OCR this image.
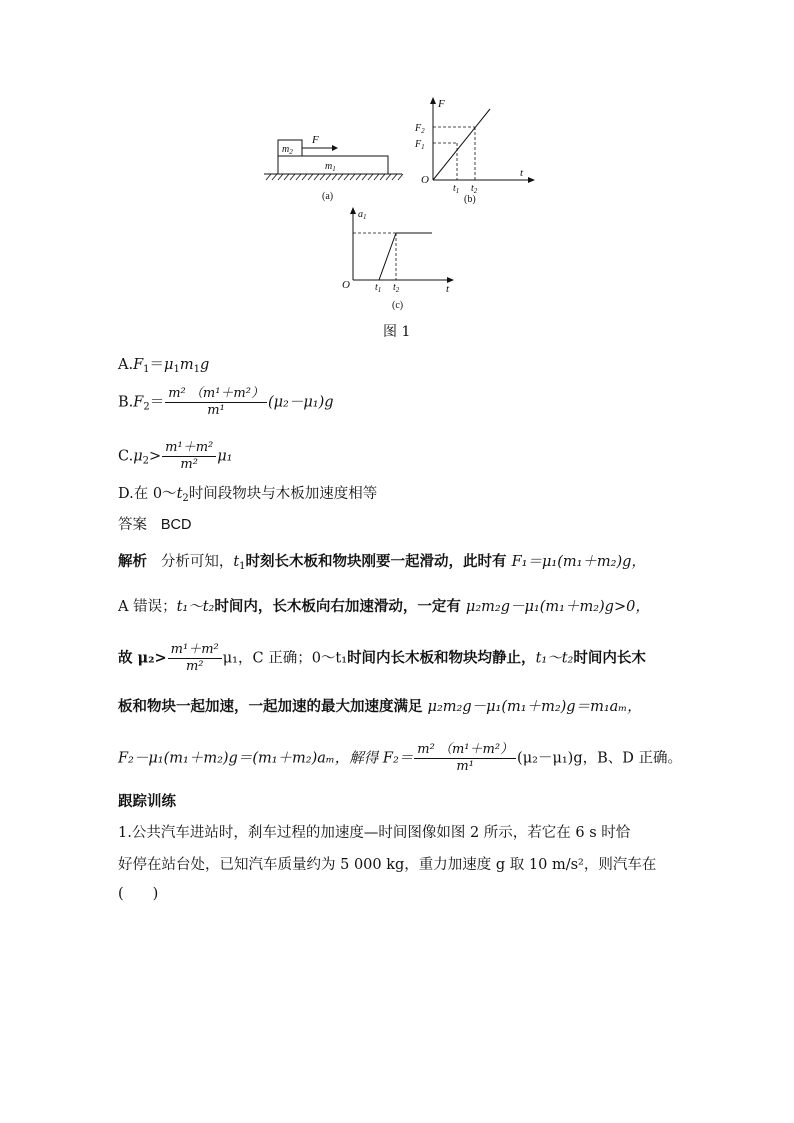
$m_2$
$m_1$
F
(a)
F
t
O
$F_2$
$F_1$
$t_1$ $t_2$
(b)
$a_1$
t
O	$t_1$ $t_2$
(c)
图 1
$A.F_1=\mu_1m_1g$
$B.F_2= \frac{\text{m² （m¹＋m²）}}{\text{m¹}} (\mu_2-\mu_1)g$
$C.\mu_2> \frac{\text{m¹＋m²}}{\text{m²}} \mu_1$
D.在 $0\sim t_2$时间段物块与木板加速度相等
答案 BCD
解析 分析可知，$t_1$时刻长木板和物块刚要一起滑动，此时有 F₁＝μ₁(m₁＋m₂)g，
A 错误；t₁～t₂时间内，长木板向右加速滑动，一定有 μ₂m₂g－μ₁(m₁＋m₂)g>0，
故 $\mu_2> \frac{\text{m¹＋m²}}{\text{m²}} \mu_1$，C 正确；0～t₁时间内长木板和物块均静止，t₁～t₂时间内长木
板和物块一起加速，一起加速的最大加速度满足 μ₂m₂g－μ₁(m₁＋m₂)g＝m₁aₘ，
F₂－μ₁(m₁＋m₂)g＝(m₁＋m₂)aₘ，解得 $F_2= \frac{\text{m² （m¹＋m²）}}{\text{m¹}} (\mu_2-\mu_1)g$，B、D 正确。
跟踪训练
1.公共汽车进站时，刹车过程的加速度—时间图像如图 2 所示，若它在 6 s 时恰
好停在站台处，已知汽车质量约为 5 000 kg，重力加速度 g 取 10 m/s²，则汽车在
(　　)
